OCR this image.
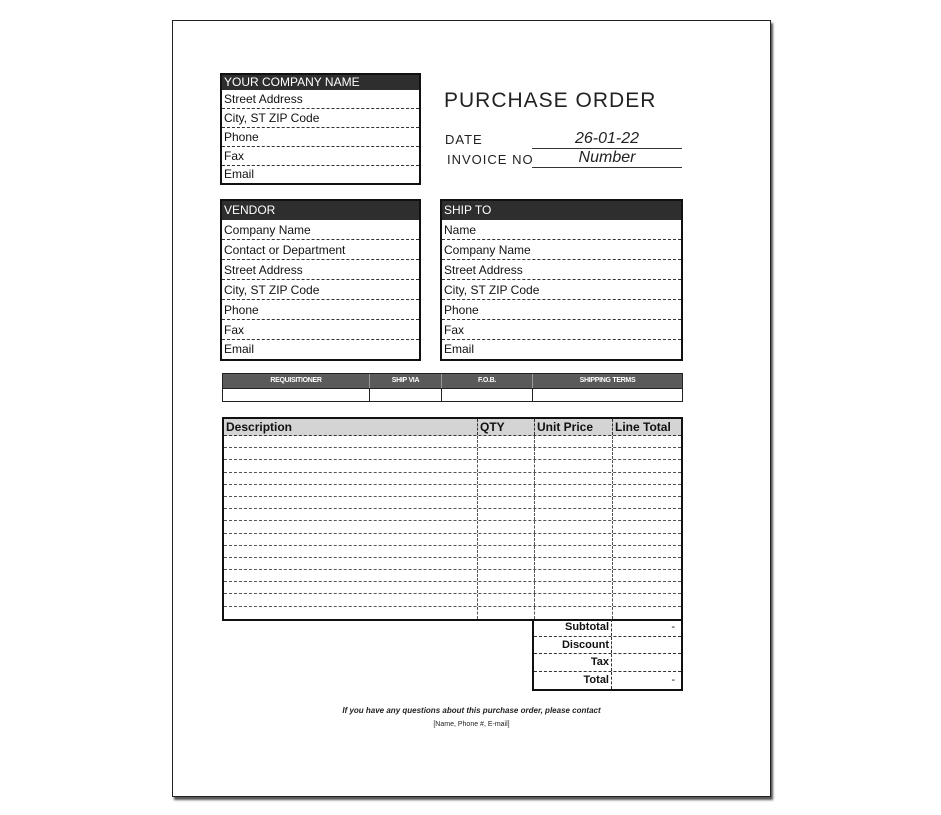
YOUR COMPANY NAME
Street Address
City, ST ZIP Code
Phone
Fax
Email
PURCHASE ORDER
DATE	26-01-22
INVOICE NO	Number
VENDOR
Company Name
Contact or Department
Street Address
City, ST ZIP Code
Phone
Fax
Email
SHIP TO
Name
Company Name
Street Address
City, ST ZIP Code
Phone
Fax
Email
REQUISITIONER	SHIP VIA	F.O.B.	SHIPPING TERMS
Description	QTY	Unit Price	Line Total
Subtotal	-
Discount
Tax
Total	-
If you have any questions about this purchase order, please contact
[Name, Phone #, E-mail]
